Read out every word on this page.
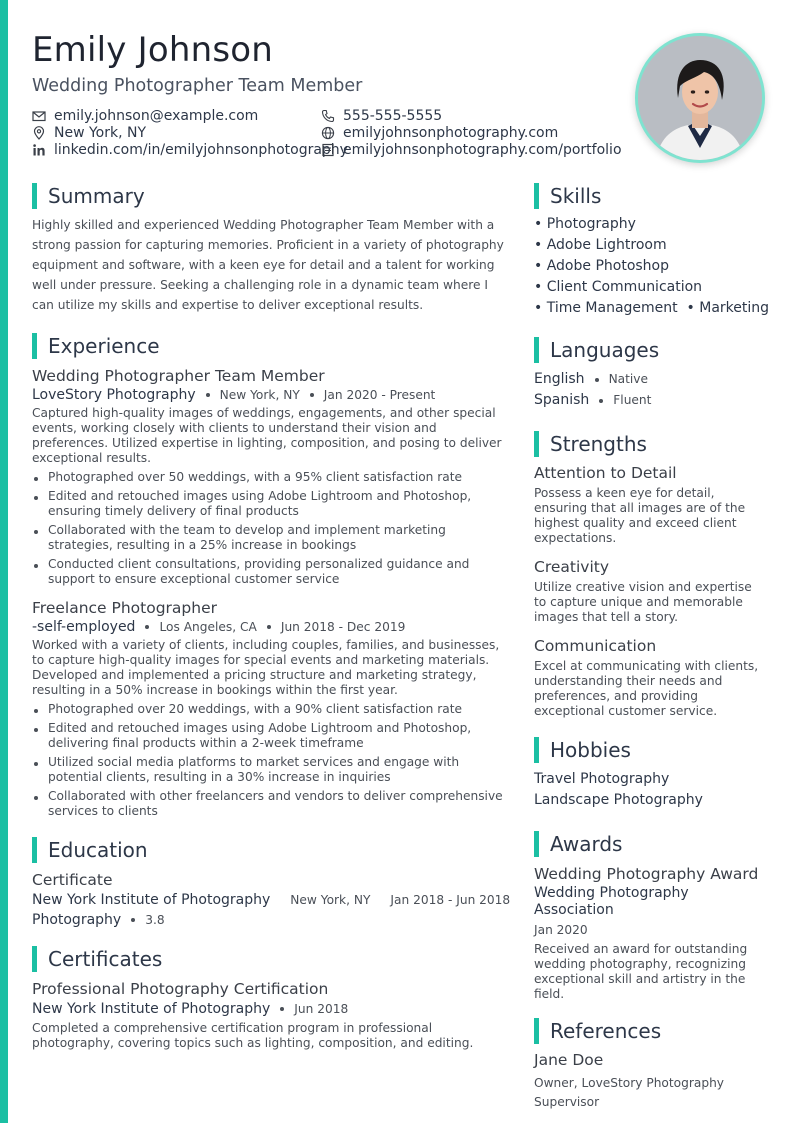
Emily Johnson
Wedding Photographer Team Member
emily.johnson@example.com	555-555-5555
New York, NY	emilyjohnsonphotography.com
linkedin.com/in/emilyjohnsonphotography
emilyjohnsonphotography.com/portfolio
Summary
Highly skilled and experienced Wedding Photographer Team Member with a strong passion for capturing memories. Proficient in a variety of photography equipment and software, with a keen eye for detail and a talent for working well under pressure. Seeking a challenging role in a dynamic team where I can utilize my skills and expertise to deliver exceptional results.
Experience
Wedding Photographer Team Member
LoveStory Photography New York, NY Jan 2020 - Present
Captured high-quality images of weddings, engagements, and other special events, working closely with clients to understand their vision and preferences. Utilized expertise in lighting, composition, and posing to deliver exceptional results.
Photographed over 50 weddings, with a 95% client satisfaction rate
Edited and retouched images using Adobe Lightroom and Photoshop, ensuring timely delivery of final products
Collaborated with the team to develop and implement marketing strategies, resulting in a 25% increase in bookings
Conducted client consultations, providing personalized guidance and support to ensure exceptional customer service
Freelance Photographer
-self-employed Los Angeles, CA Jun 2018 - Dec 2019
Worked with a variety of clients, including couples, families, and businesses, to capture high-quality images for special events and marketing materials. Developed and implemented a pricing structure and marketing strategy, resulting in a 50% increase in bookings within the first year.
Photographed over 20 weddings, with a 90% client satisfaction rate
Edited and retouched images using Adobe Lightroom and Photoshop, delivering final products within a 2-week timeframe
Utilized social media platforms to market services and engage with potential clients, resulting in a 30% increase in inquiries
Collaborated with other freelancers and vendors to deliver comprehensive services to clients
Education
Certificate
New York Institute of Photography New York, NY Jan 2018 - Jun 2018
Photography 3.8
Certificates
Professional Photography Certification
New York Institute of Photography Jun 2018
Completed a comprehensive certification program in professional photography, covering topics such as lighting, composition, and editing.
Skills
• Photography
• Adobe Lightroom
• Adobe Photoshop
• Client Communication
• Time Management  • Marketing
Languages
English Native
Spanish Fluent
Strengths
Attention to Detail
Possess a keen eye for detail, ensuring that all images are of the highest quality and exceed client expectations.
Creativity
Utilize creative vision and expertise to capture unique and memorable images that tell a story.
Communication
Excel at communicating with clients, understanding their needs and preferences, and providing exceptional customer service.
Hobbies
Travel Photography
Landscape Photography
Awards
Wedding Photography Award
Wedding Photography Association
Jan 2020
Received an award for outstanding wedding photography, recognizing exceptional skill and artistry in the field.
References
Jane Doe
Owner, LoveStory Photography
Supervisor
